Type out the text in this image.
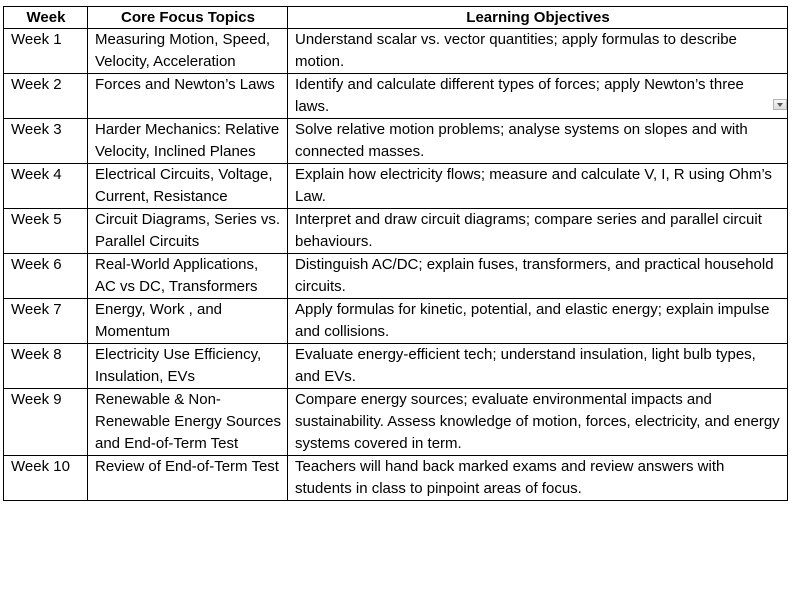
Week	Core Focus Topics	Learning Objectives
Week 1	Measuring Motion, Speed, Velocity, Acceleration	Understand scalar vs. vector quantities; apply formulas to describe motion.
Week 2	Forces and Newton’s Laws	Identify and calculate different types of forces; apply Newton’s three laws.
Week 3	Harder Mechanics: Relative Velocity, Inclined Planes	Solve relative motion problems; analyse systems on slopes and with connected masses.
Week 4	Electrical Circuits, Voltage, Current, Resistance	Explain how electricity flows; measure and calculate V, I, R using Ohm’s Law.
Week 5	Circuit Diagrams, Series vs. Parallel Circuits	Interpret and draw circuit diagrams; compare series and parallel circuit behaviours.
Week 6	Real-World Applications, AC vs DC, Transformers	Distinguish AC/DC; explain fuses, transformers, and practical household circuits.
Week 7	Energy, Work , and Momentum	Apply formulas for kinetic, potential, and elastic energy; explain impulse and collisions.
Week 8	Electricity Use Efficiency, Insulation, EVs	Evaluate energy-efficient tech; understand insulation, light bulb types, and EVs.
Week 9	Renewable & Non-Renewable Energy Sources and End-of-Term Test	Compare energy sources; evaluate environmental impacts and sustainability. Assess knowledge of motion, forces, electricity, and energy systems covered in term.
Week 10	Review of End-of-Term Test	Teachers will hand back marked exams and review answers with students in class to pinpoint areas of focus.
